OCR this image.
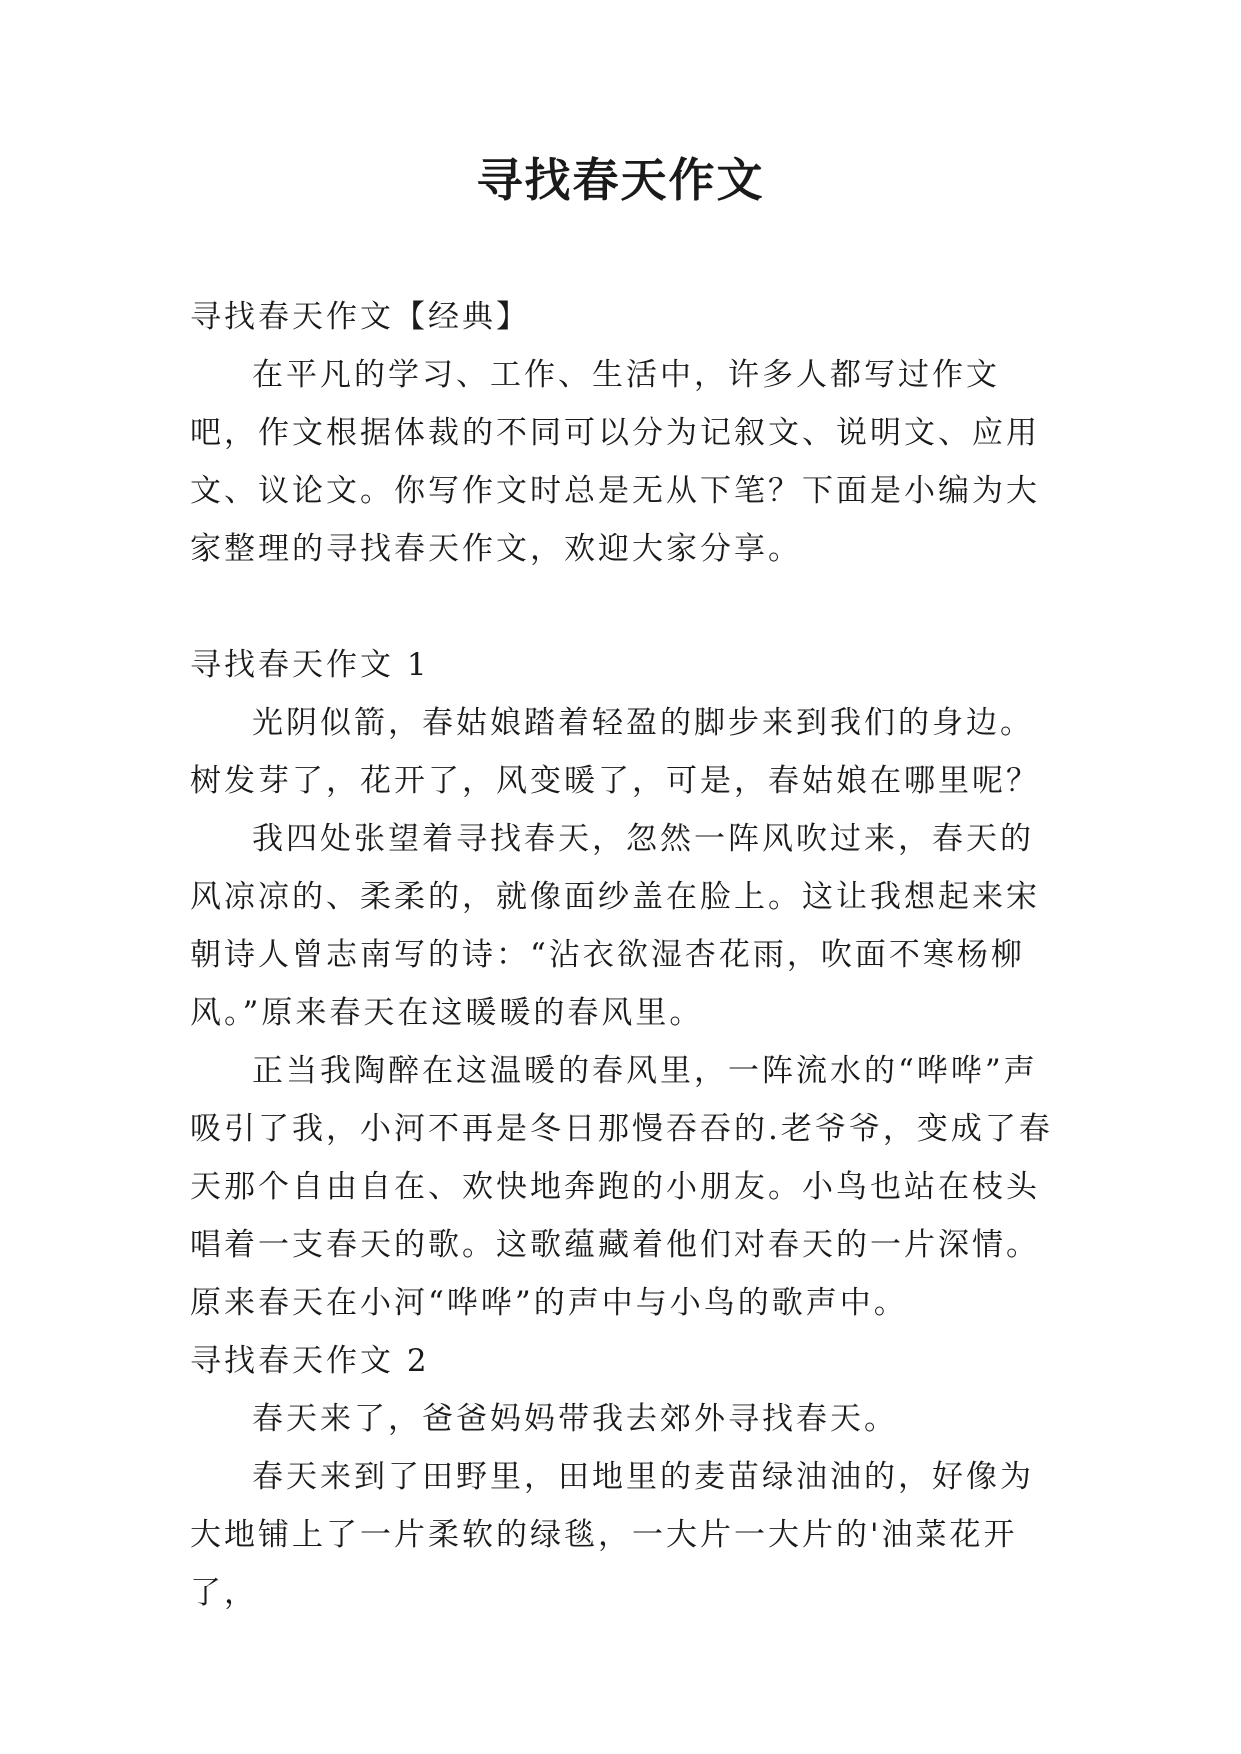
寻找春天作文

寻找春天作文【经典】

在平凡的学习、工作、生活中，许多人都写过作文吧，作文根据体裁的不同可以分为记叙文、说明文、应用文、议论文。你写作文时总是无从下笔？下面是小编为大家整理的寻找春天作文，欢迎大家分享。

寻找春天作文 1

光阴似箭，春姑娘踏着轻盈的脚步来到我们的身边。树发芽了，花开了，风变暖了，可是，春姑娘在哪里呢？

我四处张望着寻找春天，忽然一阵风吹过来，春天的风凉凉的、柔柔的，就像面纱盖在脸上。这让我想起来宋朝诗人曾志南写的诗：“沾衣欲湿杏花雨，吹面不寒杨柳风。”原来春天在这暖暖的春风里。

正当我陶醉在这温暖的春风里，一阵流水的“哗哗”声吸引了我，小河不再是冬日那慢吞吞的.老爷爷，变成了春天那个自由自在、欢快地奔跑的小朋友。小鸟也站在枝头唱着一支春天的歌。这歌蕴藏着他们对春天的一片深情。原来春天在小河“哗哗”的声中与小鸟的歌声中。

寻找春天作文 2

春天来了，爸爸妈妈带我去郊外寻找春天。

春天来到了田野里，田地里的麦苗绿油油的，好像为大地铺上了一片柔软的绿毯，一大片一大片的'油菜花开了，
